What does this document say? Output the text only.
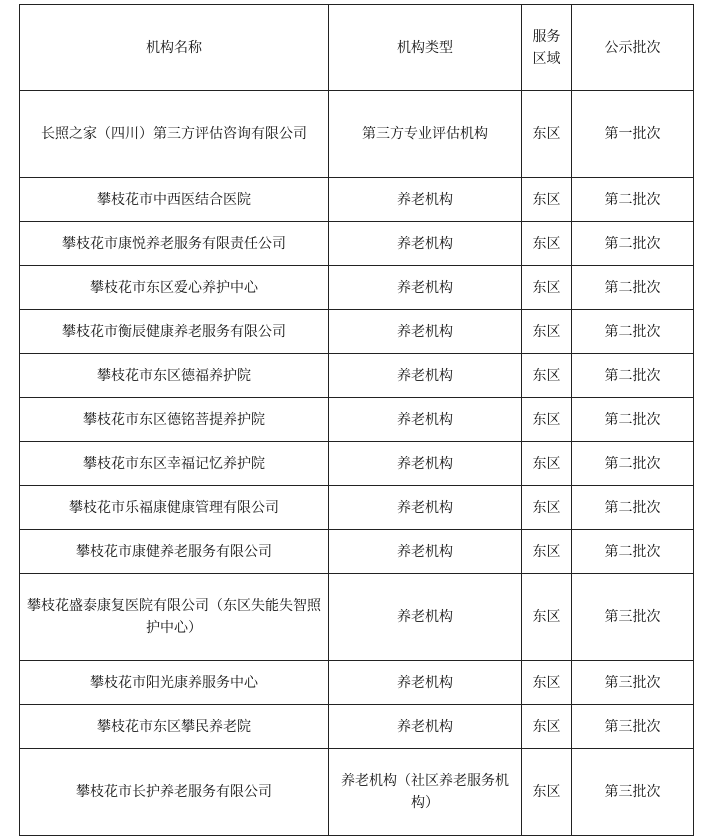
机构名称	机构类型	服务区域	公示批次
长照之家（四川）第三方评估咨询有限公司	第三方专业评估机构	东区	第一批次
攀枝花市中西医结合医院	养老机构	东区	第二批次
攀枝花市康悦养老服务有限责任公司	养老机构	东区	第二批次
攀枝花市东区爱心养护中心	养老机构	东区	第二批次
攀枝花市衡辰健康养老服务有限公司	养老机构	东区	第二批次
攀枝花市东区德福养护院	养老机构	东区	第二批次
攀枝花市东区德铭菩提养护院	养老机构	东区	第二批次
攀枝花市东区幸福记忆养护院	养老机构	东区	第二批次
攀枝花市乐福康健康管理有限公司	养老机构	东区	第二批次
攀枝花市康健养老服务有限公司	养老机构	东区	第二批次
攀枝花盛泰康复医院有限公司（东区失能失智照护中心）	养老机构	东区	第三批次
攀枝花市阳光康养服务中心	养老机构	东区	第三批次
攀枝花市东区攀民养老院	养老机构	东区	第三批次
攀枝花市长护养老服务有限公司	养老机构（社区养老服务机构）	东区	第三批次
